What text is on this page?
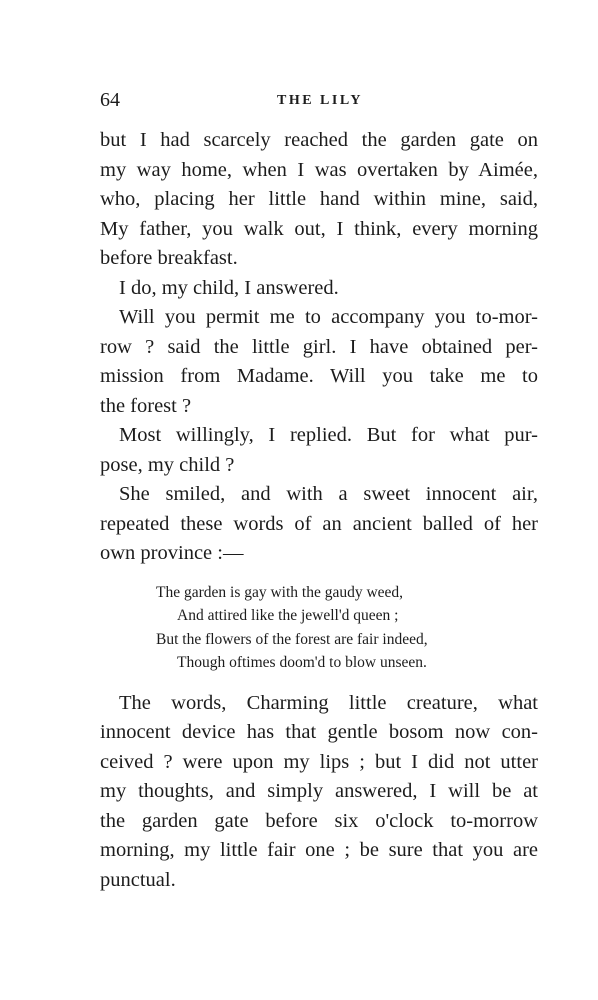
64	THE LILY

but I had scarcely reached the garden gate on
my way home, when I was overtaken by Aimée,
who, placing her little hand within mine, said,
My father, you walk out, I think, every morning
before breakfast.

I do, my child, I answered.

Will you permit me to accompany you to-mor-
row ? said the little girl. I have obtained per-
mission from Madame. Will you take me to
the forest ?

Most willingly, I replied. But for what pur-
pose, my child ?

She smiled, and with a sweet innocent air,
repeated these words of an ancient balled of her
own province :—

The garden is gay with the gaudy weed,
And attired like the jewell'd queen ;
But the flowers of the forest are fair indeed,
Though oftimes doom'd to blow unseen.

The words, Charming little creature, what
innocent device has that gentle bosom now con-
ceived ? were upon my lips ; but I did not utter
my thoughts, and simply answered, I will be at
the garden gate before six o'clock to-morrow
morning, my little fair one ; be sure that you are
punctual.
